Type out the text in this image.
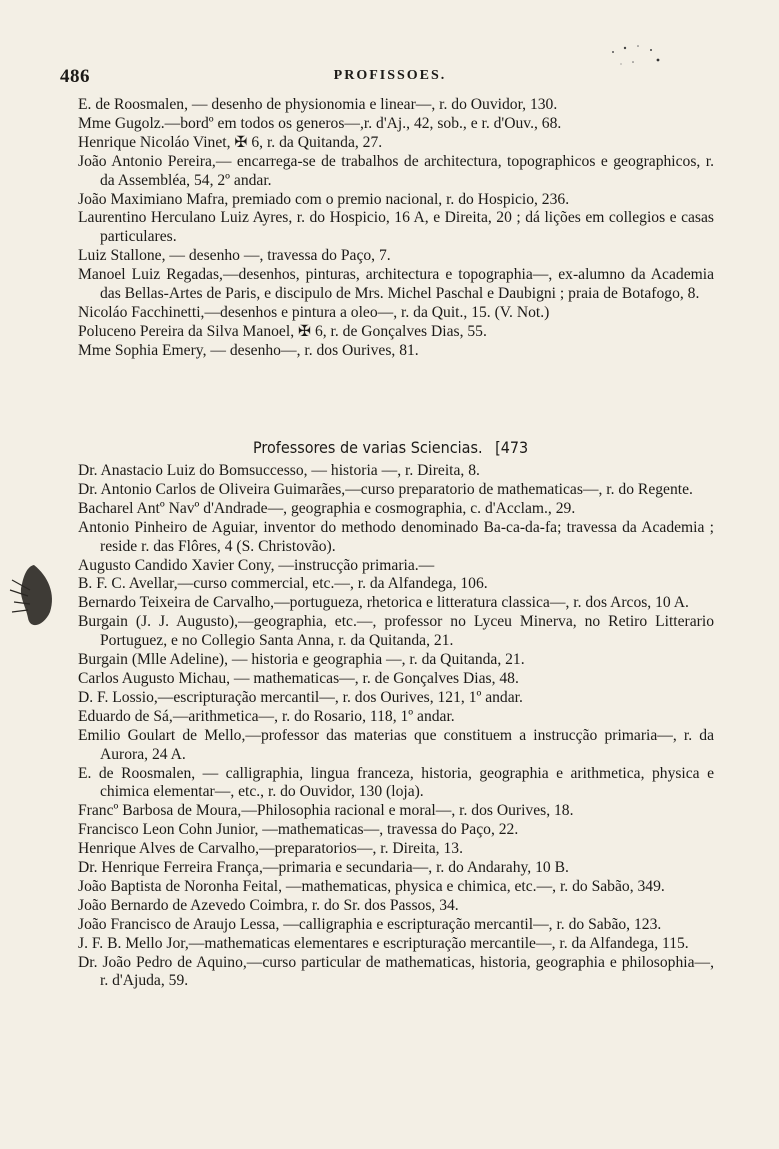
486	PROFISSOES.

E. de Roosmalen, — desenho de physionomia e linear—, r. do Ouvidor, 130.

Mme Gugolz.—bordº em todos os generos—,r. d'Aj., 42, sob., e r. d'Ouv., 68.

Henrique Nicoláo Vinet, ✠ 6, r. da Quitanda, 27.

João Antonio Pereira,— encarrega-se de trabalhos de architectura, topographicos e geographicos, r. da Assembléa, 54, 2º andar.

João Maximiano Mafra, premiado com o premio nacional, r. do Hospicio, 236.

Laurentino Herculano Luiz Ayres, r. do Hospicio, 16 A, e Direita, 20 ; dá lições em collegios e casas particulares.

Luiz Stallone, — desenho —, travessa do Paço, 7.

Manoel Luiz Regadas,—desenhos, pinturas, architectura e topographia—, ex-alumno da Academia das Bellas-Artes de Paris, e discipulo de Mrs. Michel Paschal e Daubigni ; praia de Botafogo, 8.

Nicoláo Facchinetti,—desenhos e pintura a oleo—, r. da Quit., 15. (V. Not.)

Poluceno Pereira da Silva Manoel, ✠ 6, r. de Gonçalves Dias, 55.

Mme Sophia Emery, — desenho—, r. dos Ourives, 81.

Professores de varias Sciencias. [473

Dr. Anastacio Luiz do Bomsuccesso, — historia —, r. Direita, 8.

Dr. Antonio Carlos de Oliveira Guimarães,—curso preparatorio de mathematicas—, r. do Regente.

Bacharel Antº Navº d'Andrade—, geographia e cosmographia, c. d'Acclam., 29.

Antonio Pinheiro de Aguiar, inventor do methodo denominado Ba-ca-da-fa; travessa da Academia ; reside r. das Flôres, 4 (S. Christovão).

Augusto Candido Xavier Cony, —instrucção primaria.—

B. F. C. Avellar,—curso commercial, etc.—, r. da Alfandega, 106.

Bernardo Teixeira de Carvalho,—portugueza, rhetorica e litteratura classica—, r. dos Arcos, 10 A.

Burgain (J. J. Augusto),—geographia, etc.—, professor no Lyceu Minerva, no Retiro Litterario Portuguez, e no Collegio Santa Anna, r. da Quitanda, 21.

Burgain (Mlle Adeline), — historia e geographia —, r. da Quitanda, 21.

Carlos Augusto Michau, — mathematicas—, r. de Gonçalves Dias, 48.

D. F. Lossio,—escripturação mercantil—, r. dos Ourives, 121, 1º andar.

Eduardo de Sá,—arithmetica—, r. do Rosario, 118, 1º andar.

Emilio Goulart de Mello,—professor das materias que constituem a instrucção primaria—, r. da Aurora, 24 A.

E. de Roosmalen, — calligraphia, lingua franceza, historia, geographia e arithmetica, physica e chimica elementar—, etc., r. do Ouvidor, 130 (loja).

Francº Barbosa de Moura,—Philosophia racional e moral—, r. dos Ourives, 18.

Francisco Leon Cohn Junior, —mathematicas—, travessa do Paço, 22.

Henrique Alves de Carvalho,—preparatorios—, r. Direita, 13.

Dr. Henrique Ferreira França,—primaria e secundaria—, r. do Andarahy, 10 B.

João Baptista de Noronha Feital, —mathematicas, physica e chimica, etc.—, r. do Sabão, 349.

João Bernardo de Azevedo Coimbra, r. do Sr. dos Passos, 34.

João Francisco de Araujo Lessa, —calligraphia e escripturação mercantil—, r. do Sabão, 123.

J. F. B. Mello Jor,—mathematicas elementares e escripturação mercantile—, r. da Alfandega, 115.

Dr. João Pedro de Aquino,—curso particular de mathematicas, historia, geographia e philosophia—, r. d'Ajuda, 59.
